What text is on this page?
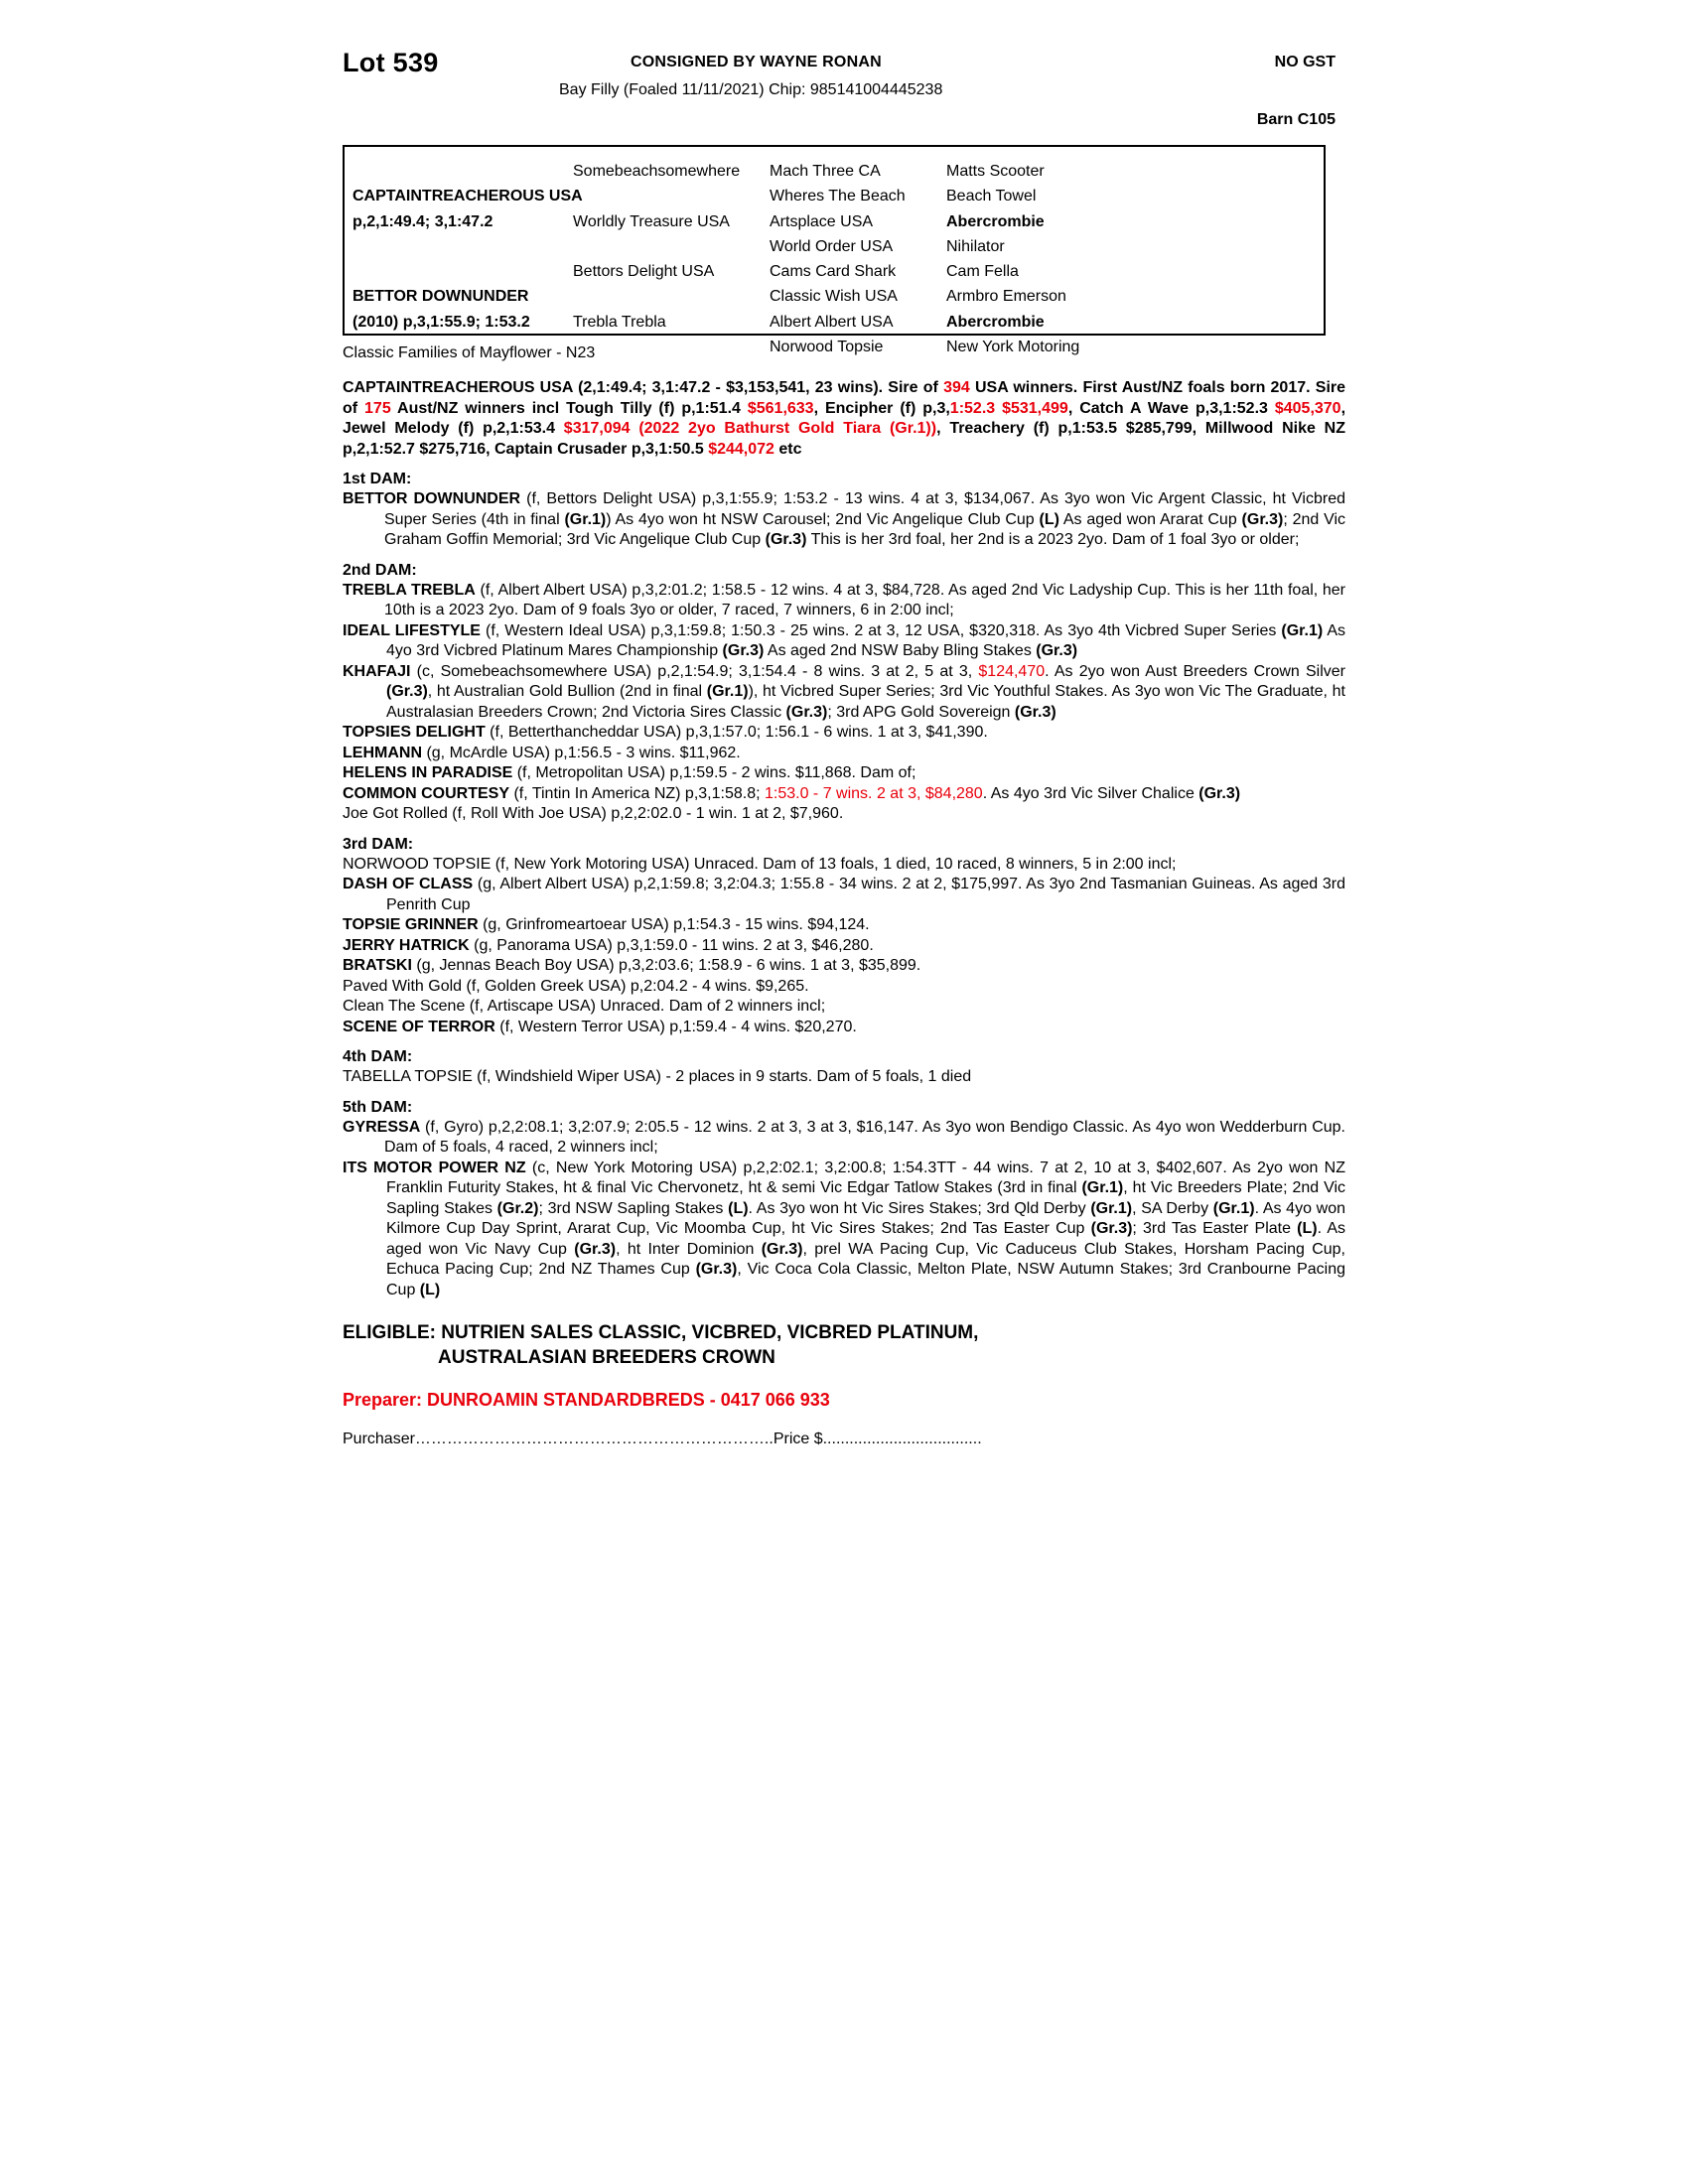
Lot 539	CONSIGNED BY WAYNE RONAN	NO GST
Bay Filly (Foaled 11/11/2021) Chip: 985141004445238
Barn C105

CAPTAINTREACHEROUS USA
p,2,1:49.4; 3,1:47.2

BETTOR DOWNUNDER
(2010) p,3,1:55.9; 1:53.2
Somebeachsomewhere

Worldly Treasure USA

Bettors Delight USA

Trebla Trebla
Mach Three CA
Wheres The Beach
Artsplace USA
World Order USA
Cams Card Shark
Classic Wish USA
Albert Albert USA
Norwood Topsie
Matts Scooter
Beach Towel
Abercrombie
Nihilator
Cam Fella
Armbro Emerson
Abercrombie
New York Motoring
Classic Families of Mayflower - N23
CAPTAINTREACHEROUS USA (2,1:49.4; 3,1:47.2 - $3,153,541, 23 wins). Sire of 394 USA winners. First Aust/NZ foals born 2017. Sire of 175 Aust/NZ winners incl Tough Tilly (f) p,1:51.4 $561,633, Encipher (f) p,3,1:52.3 $531,499, Catch A Wave p,3,1:52.3 $405,370, Jewel Melody (f) p,2,1:53.4 $317,094 (2022 2yo Bathurst Gold Tiara (Gr.1)), Treachery (f) p,1:53.5 $285,799, Millwood Nike NZ p,2,1:52.7 $275,716, Captain Crusader p,3,1:50.5 $244,072 etc
1st DAM:

BETTOR DOWNUNDER (f, Bettors Delight USA) p,3,1:55.9; 1:53.2 - 13 wins. 4 at 3, $134,067. As 3yo won Vic Argent Classic, ht Vicbred Super Series (4th in final (Gr.1)) As 4yo won ht NSW Carousel; 2nd Vic Angelique Club Cup (L) As aged won Ararat Cup (Gr.3); 2nd Vic Graham Goffin Memorial; 3rd Vic Angelique Club Cup (Gr.3) This is her 3rd foal, her 2nd is a 2023 2yo. Dam of 1 foal 3yo or older;

2nd DAM:

TREBLA TREBLA (f, Albert Albert USA) p,3,2:01.2; 1:58.5 - 12 wins. 4 at 3, $84,728. As aged 2nd Vic Ladyship Cup. This is her 11th foal, her 10th is a 2023 2yo. Dam of 9 foals 3yo or older, 7 raced, 7 winners, 6 in 2:00 incl;

IDEAL LIFESTYLE (f, Western Ideal USA) p,3,1:59.8; 1:50.3 - 25 wins. 2 at 3, 12 USA, $320,318. As 3yo 4th Vicbred Super Series (Gr.1) As 4yo 3rd Vicbred Platinum Mares Championship (Gr.3) As aged 2nd NSW Baby Bling Stakes (Gr.3)

KHAFAJI (c, Somebeachsomewhere USA) p,2,1:54.9; 3,1:54.4 - 8 wins. 3 at 2, 5 at 3, $124,470. As 2yo won Aust Breeders Crown Silver (Gr.3), ht Australian Gold Bullion (2nd in final (Gr.1)), ht Vicbred Super Series; 3rd Vic Youthful Stakes. As 3yo won Vic The Graduate, ht Australasian Breeders Crown; 2nd Victoria Sires Classic (Gr.3); 3rd APG Gold Sovereign (Gr.3)

TOPSIES DELIGHT (f, Betterthancheddar USA) p,3,1:57.0; 1:56.1 - 6 wins. 1 at 3, $41,390.

LEHMANN (g, McArdle USA) p,1:56.5 - 3 wins. $11,962.

HELENS IN PARADISE (f, Metropolitan USA) p,1:59.5 - 2 wins. $11,868. Dam of;

COMMON COURTESY (f, Tintin In America NZ) p,3,1:58.8; 1:53.0 - 7 wins. 2 at 3, $84,280. As 4yo 3rd Vic Silver Chalice (Gr.3)

Joe Got Rolled (f, Roll With Joe USA) p,2,2:02.0 - 1 win. 1 at 2, $7,960.

3rd DAM:

NORWOOD TOPSIE (f, New York Motoring USA) Unraced. Dam of 13 foals, 1 died, 10 raced, 8 winners, 5 in 2:00 incl;

DASH OF CLASS (g, Albert Albert USA) p,2,1:59.8; 3,2:04.3; 1:55.8 - 34 wins. 2 at 2, $175,997. As 3yo 2nd Tasmanian Guineas. As aged 3rd Penrith Cup

TOPSIE GRINNER (g, Grinfromeartoear USA) p,1:54.3 - 15 wins. $94,124.

JERRY HATRICK (g, Panorama USA) p,3,1:59.0 - 11 wins. 2 at 3, $46,280.

BRATSKI (g, Jennas Beach Boy USA) p,3,2:03.6; 1:58.9 - 6 wins. 1 at 3, $35,899.

Paved With Gold (f, Golden Greek USA) p,2:04.2 - 4 wins. $9,265.

Clean The Scene (f, Artiscape USA) Unraced. Dam of 2 winners incl;

SCENE OF TERROR (f, Western Terror USA) p,1:59.4 - 4 wins. $20,270.

4th DAM:

TABELLA TOPSIE (f, Windshield Wiper USA) - 2 places in 9 starts. Dam of 5 foals, 1 died

5th DAM:

GYRESSA (f, Gyro) p,2,2:08.1; 3,2:07.9; 2:05.5 - 12 wins. 2 at 3, 3 at 3, $16,147. As 3yo won Bendigo Classic. As 4yo won Wedderburn Cup. Dam of 5 foals, 4 raced, 2 winners incl;

ITS MOTOR POWER NZ (c, New York Motoring USA) p,2,2:02.1; 3,2:00.8; 1:54.3TT - 44 wins. 7 at 2, 10 at 3, $402,607. As 2yo won NZ Franklin Futurity Stakes, ht & final Vic Chervonetz, ht & semi Vic Edgar Tatlow Stakes (3rd in final (Gr.1), ht Vic Breeders Plate; 2nd Vic Sapling Stakes (Gr.2); 3rd NSW Sapling Stakes (L). As 3yo won ht Vic Sires Stakes; 3rd Qld Derby (Gr.1), SA Derby (Gr.1). As 4yo won Kilmore Cup Day Sprint, Ararat Cup, Vic Moomba Cup, ht Vic Sires Stakes; 2nd Tas Easter Cup (Gr.3); 3rd Tas Easter Plate (L). As aged won Vic Navy Cup (Gr.3), ht Inter Dominion (Gr.3), prel WA Pacing Cup, Vic Caduceus Club Stakes, Horsham Pacing Cup, Echuca Pacing Cup; 2nd NZ Thames Cup (Gr.3), Vic Coca Cola Classic, Melton Plate, NSW Autumn Stakes; 3rd Cranbourne Pacing Cup (L)

ELIGIBLE: NUTRIEN SALES CLASSIC, VICBRED, VICBRED PLATINUM,
AUSTRALASIAN BREEDERS CROWN
Preparer: DUNROAMIN STANDARDBREDS - 0417 066 933
Purchaser…………………………………………………………..Price $....................................
